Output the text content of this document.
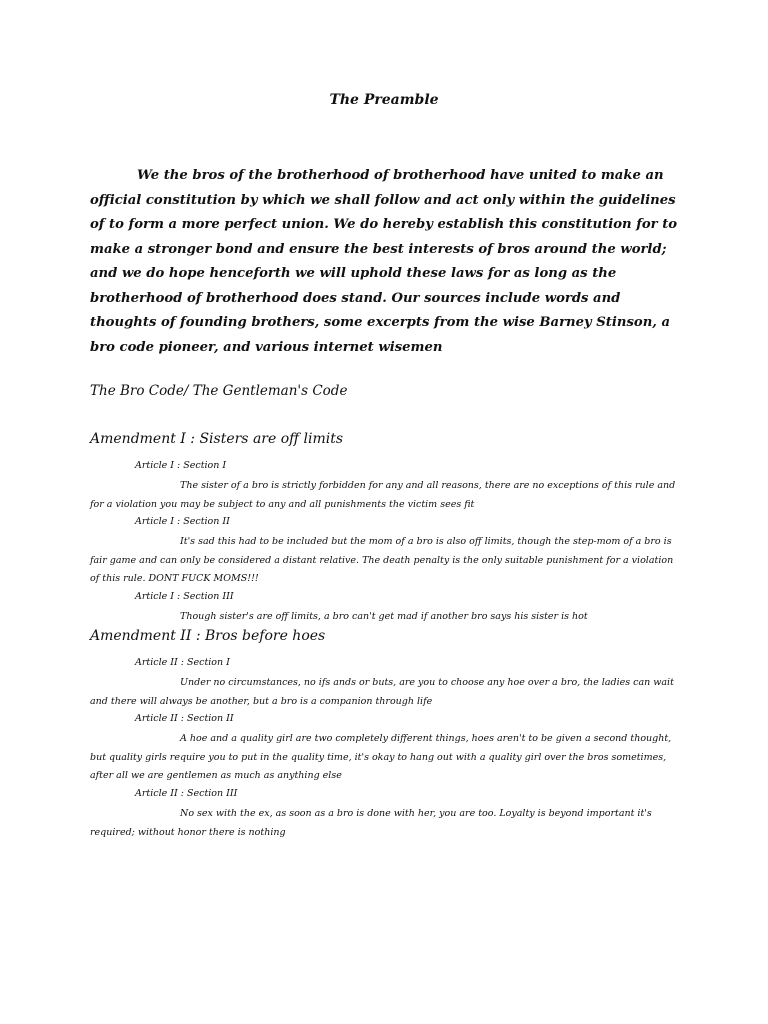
The Preamble

We the bros of the brotherhood of brotherhood have united to make an official constitution by which we shall follow and act only within the guidelines of to form a more perfect union. We do hereby establish this constitution for to make a stronger bond and ensure the best interests of bros around the world; and we do hope henceforth we will uphold these laws for as long as the brotherhood of brotherhood does stand. Our sources include words and thoughts of founding brothers, some excerpts from the wise Barney Stinson, a bro code pioneer, and various internet wisemen

The Bro Code/ The Gentleman's Code
Amendment I : Sisters are off limits
Article I : Section I

The sister of a bro is strictly forbidden for any and all reasons, there are no exceptions of this rule and for a violation you may be subject to any and all punishments the victim sees fit

Article I : Section II

It's sad this had to be included but the mom of a bro is also off limits, though the step-mom of a bro is fair game and can only be considered a distant relative. The death penalty is the only suitable punishment for a violation of this rule. DONT FUCK MOMS!!!

Article I : Section III

Though sister's are off limits, a bro can't get mad if another bro says his sister is hot

Amendment II : Bros before hoes
Article II : Section I

Under no circumstances, no ifs ands or buts, are you to choose any hoe over a bro, the ladies can wait and there will always be another, but a bro is a companion through life

Article II : Section II

A hoe and a quality girl are two completely different things, hoes aren't to be given a second thought, but quality girls require you to put in the quality time, it's okay to hang out with a quality girl over the bros sometimes, after all we are gentlemen as much as anything else

Article II : Section III

No sex with the ex, as soon as a bro is done with her, you are too. Loyalty is beyond important it's required; without honor there is nothing
